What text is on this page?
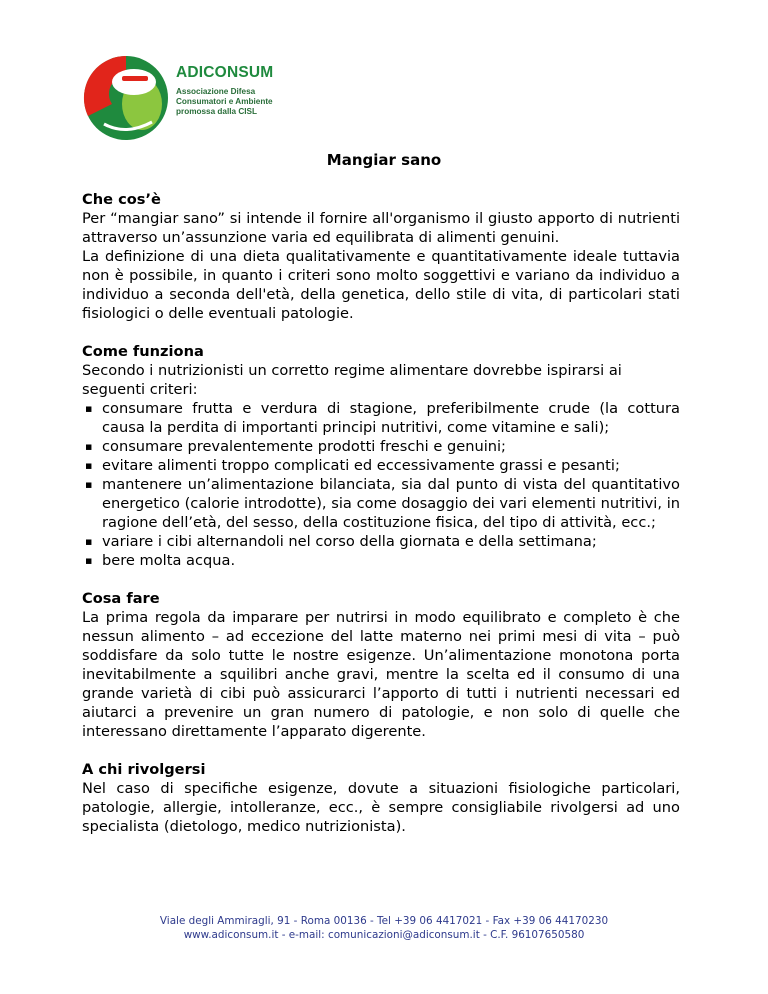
ADICONSUM
Associazione Difesa
Consumatori e Ambiente
promossa dalla CISL
Mangiar sano
Che cos’è

Per “mangiar sano” si intende il fornire all'organismo il giusto apporto di nutrienti attraverso un’assunzione varia ed equilibrata di alimenti genuini.

La definizione di una dieta qualitativamente e quantitativamente ideale tuttavia non è possibile, in quanto i criteri sono molto soggettivi e variano da individuo a individuo a seconda dell'età, della genetica, dello stile di vita, di particolari stati fisiologici o delle eventuali patologie.

Come funziona

Secondo i nutrizionisti un corretto regime alimentare dovrebbe ispirarsi ai seguenti criteri:

▪ consumare frutta e verdura di stagione, preferibilmente crude (la cottura causa la perdita di importanti principi nutritivi, come vitamine e sali);
▪ consumare prevalentemente prodotti freschi e genuini;
▪ evitare alimenti troppo complicati ed eccessivamente grassi e pesanti;
▪ mantenere un’alimentazione bilanciata, sia dal punto di vista del quantitativo energetico (calorie introdotte), sia come dosaggio dei vari elementi nutritivi, in ragione dell’età, del sesso, della costituzione fisica, del tipo di attività, ecc.;
▪ variare i cibi alternandoli nel corso della giornata e della settimana;
▪ bere molta acqua.
Cosa fare

La prima regola da imparare per nutrirsi in modo equilibrato e completo è che nessun alimento – ad eccezione del latte materno nei primi mesi di vita – può soddisfare da solo tutte le nostre esigenze. Un’alimentazione monotona porta inevitabilmente a squilibri anche gravi, mentre la scelta ed il consumo di una grande varietà di cibi può assicurarci l’apporto di tutti i nutrienti necessari ed aiutarci a prevenire un gran numero di patologie, e non solo di quelle che interessano direttamente l’apparato digerente.

A chi rivolgersi

Nel caso di specifiche esigenze, dovute a situazioni fisiologiche particolari, patologie, allergie, intolleranze, ecc., è sempre consigliabile rivolgersi ad uno specialista (dietologo, medico nutrizionista).

Viale degli Ammiragli, 91 - Roma 00136 - Tel +39 06 4417021 - Fax +39 06 44170230
www.adiconsum.it - e-mail: comunicazioni@adiconsum.it - C.F. 96107650580
